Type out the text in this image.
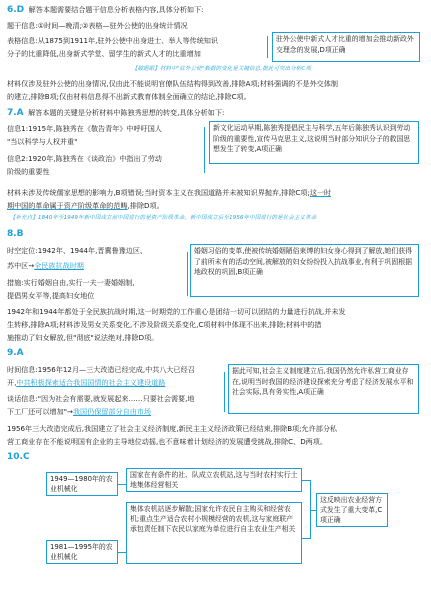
6.D 解答本题需要结合题干信息分析表格内容,具体分析如下:
题干信息:①时间—晚清;②表格—驻外公使的出身统计情况
表格信息:从1875到1911年,驻外公使中出身进士、举人等传统知识
分子的比重降低,出身新式学堂、留学生的新式人才的比重增加
驻外公使中新式人才比重的增加会推动新政外交理念的发展,D项正确
【破题眼】材料中"驻外公使"数据的变化是关键信息,据此可突出分析C项
材料仅涉及驻外公使的出身情况,仅由此不能说明官僚队伍结构得到改善,排除A项;材料强调的不是外交体制
的建立,排除B项;仅由材料信息得不出新式教育体制全面确立的结论,排除C项。
7.A 解答本题的关键是分析材料中陈独秀思想的转变,具体分析如下:
信息1:1915年,陈独秀在《敬告青年》中呼吁国人
"当以科学与人权并重"
信息2:1920年,陈独秀在《谈政治》中指出了劳动
阶级的重要性
新文化运动早期,陈独秀提倡民主与科学,五年后陈独秀认识到劳动阶级的重要性,宣传马克思主义,这说明当时部分知识分子的救国思想发生了转变,A项正确
材料未涉及传统儒家思想的影响力,B项错误;当时资本主义在我国道路并未被知识界抛弃,排除C项;这一时
期中国的革命属于资产阶级革命的范畴,排除D项。
【补充点】1840年至1949年新中国成立前中国进行的是资产阶级革命。新中国成立后至1956年中国进行的是社会主义革命
8.B
时空定位:1942年、1944年,晋冀鲁豫边区、
苏中区→全民族抗战时期
措施:实行婚姻自由,实行一夫一妻婚姻制,
提倡男女平等,提高妇女地位
婚姻习俗的变革,使被传统婚姻陋俗束缚的妇女身心得到了解放,她们获得了前所未有的活动空间,被解放的妇女纷纷投入抗战事业,有利于巩固根据地政权的巩固,B项正确
1942年和1944年都处于全民族抗战时期,这一时期党的工作重心是团结一切可以团结的力量进行抗战,并未发
生转移,排除A项;材料涉及男女关系变化,不涉及阶级关系变化,C项材料中体现不出来,排除;材料中的措
施推动了妇女解放,但"彻底"说法绝对,排除D项。
9.A
时间信息:1956年12月—三大改造已经完成,中共八大已经召
开,中共积极探索适合我国国情的社会主义建设道路
谈话信息:"因为社会有需要,就发展起来……只要社会需要,地
下工厂还可以增加"→我国仍保留部分自由市场
据此可知,社会主义制度建立后,我国仍然允许私营工商业存在,说明当时我国的经济建设探索充分考虑了经济发展水平和社会实际,具有务实性,A项正确
1956年三大改造完成后,我国建立了社会主义经济制度,新民主主义经济政策已经结束,排除B项;允许部分私
营工商业存在不能说明国有企业的主导地位动摇,也不意味着计划经济的发展遭受挑战,排除C、D两项。
10.C
1949—1980年的农业机械化
国家在有条件的社、队成立农机站,这与当时农村实行土地集体经营相关
1981—1995年的农业机械化
集体农机站逐步解散;国家允许农民自主购买和经营农机;重点生产适合农村小规模经营的农机,这与家庭联产承包责任制下农民以家庭为单位进行自主农业生产相关
这反映出农业经营方式发生了重大变革,C项正确
